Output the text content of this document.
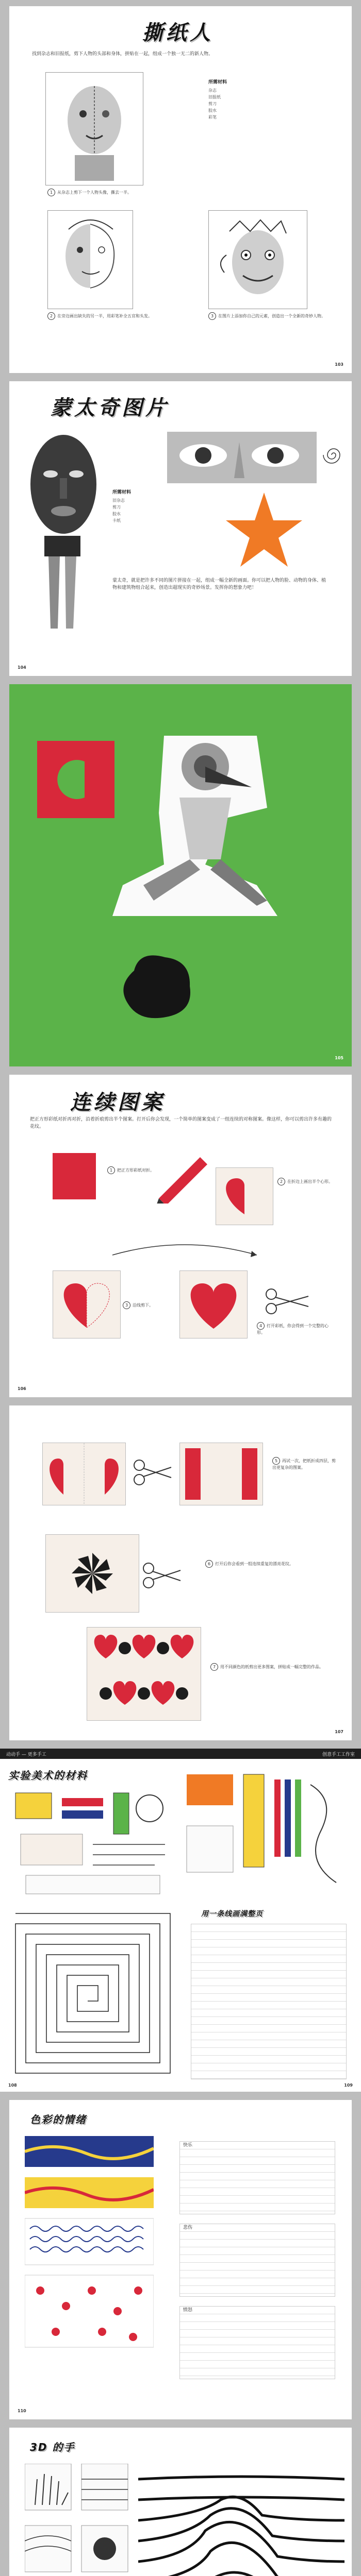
撕纸人
找到杂志和旧报纸，剪下人物的头部和身体，拼贴在一起，组成一个独一无二的新人物。
所需材料
杂志
旧报纸
剪刀
胶水
彩笔
1 从杂志上剪下一个人物头像，撕去一半。
2 在旁边画出缺失的另一半，用彩笔补全五官和头发。	3 在图片上添加你自己的元素，创造出一个全新的奇妙人物。
103
蒙太奇图片
所需材料
旧杂志
剪刀
胶水
卡纸
蒙太奇，就是把许多不同的图片拼接在一起，组成一幅全新的画面。你可以把人物的脸、动物的身体、植物和建筑物组合起来，创造出超现实的奇妙场景。发挥你的想象力吧！
104
105
连续图案
把正方形彩纸对折再对折，沿着折痕剪出半个图案。打开后你会发现，一个简单的图案变成了一组连续的对称图案。像这样，你可以剪出许多有趣的花纹。
1 把正方形彩纸对折。
2 在折边上画出半个心形。
3 沿线剪下。
4 打开彩纸，你会得到一个完整的心形。
106
5 再试一次，把纸折成四层，剪出更复杂的图案。
6 打开后你会看到一组连续重复的漂亮花纹。
7 用不同颜色的纸剪出更多图案，拼贴成一幅完整的作品。
107
动动手 — 更多手工	创意手工工作室
实验美术的材料
用一条线画满整页
108	109
色彩的情绪
快乐
悲伤
愤怒
110
3D 的手
